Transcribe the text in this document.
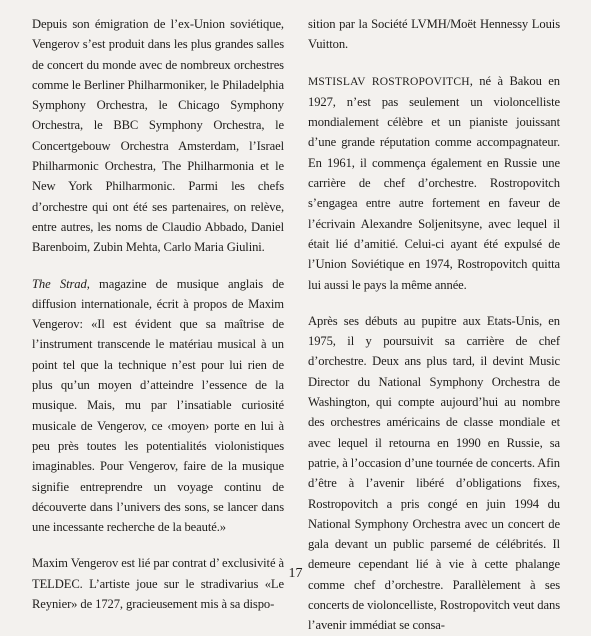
Depuis son émigration de l’ex-Union soviétique, Vengerov s’est produit dans les plus grandes salles de concert du monde avec de nombreux orchestres comme le Berliner Philharmoniker, le Philadelphia Symphony Orchestra, le Chicago Symphony Orchestra, le BBC Symphony Orchestra, le Concertgebouw Orchestra Amsterdam, l’Israel Philharmonic Orchestra, The Philharmonia et le New York Philharmonic. Parmi les chefs d’orchestre qui ont été ses partenaires, on relève, entre autres, les noms de Claudio Abbado, Daniel Barenboim, Zubin Mehta, Carlo Maria Giulini.

The Strad, magazine de musique anglais de diffusion internationale, écrit à propos de Maxim Vengerov: «Il est évident que sa maîtrise de l’instrument transcende le matériau musical à un point tel que la technique n’est pour lui rien de plus qu’un moyen d’atteindre l’essence de la musique. Mais, mu par l’insatiable curiosité musicale de Vengerov, ce ‹moyen› porte en lui à peu près toutes les potentialités violonistiques imaginables. Pour Vengerov, faire de la musique signifie entreprendre un voyage continu de découverte dans l’univers des sons, se lancer dans une incessante recherche de la beauté.»

Maxim Vengerov est lié par contrat d’ exclusivité à TELDEC. L’artiste joue sur le stradivarius «Le Reynier» de 1727, gracieusement mis à sa dispo-

sition par la Société LVMH/Moët Hennessy Louis Vuitton.

MSTISLAV ROSTROPOVITCH, né à Bakou en 1927, n’est pas seulement un violoncelliste mondialement célèbre et un pianiste jouissant d’une grande réputation comme accompagnateur. En 1961, il commença également en Russie une carrière de chef d’orchestre. Rostropovitch s’engagea entre autre fortement en faveur de l’écrivain Alexandre Soljenitsyne, avec lequel il était lié d’amitié. Celui-ci ayant été expulsé de l’Union Soviétique en 1974, Rostropovitch quitta lui aussi le pays la même année.

Après ses débuts au pupitre aux Etats-Unis, en 1975, il y poursuivit sa carrière de chef d’orchestre. Deux ans plus tard, il devint Music Director du National Symphony Orchestra de Washington, qui compte aujourd’hui au nombre des orchestres américains de classe mondiale et avec lequel il retourna en 1990 en Russie, sa patrie, à l’occasion d’une tournée de concerts. Afin d’être à l’avenir libéré d’obligations fixes, Rostropovitch a pris congé en juin 1994 du National Symphony Orchestra avec un concert de gala devant un public parsemé de célébrités. Il demeure cependant lié à vie à cette phalange comme chef d’orchestre. Parallèlement à ses concerts de violoncelliste, Rostropovitch veut dans l’avenir immédiat se consa-

17
